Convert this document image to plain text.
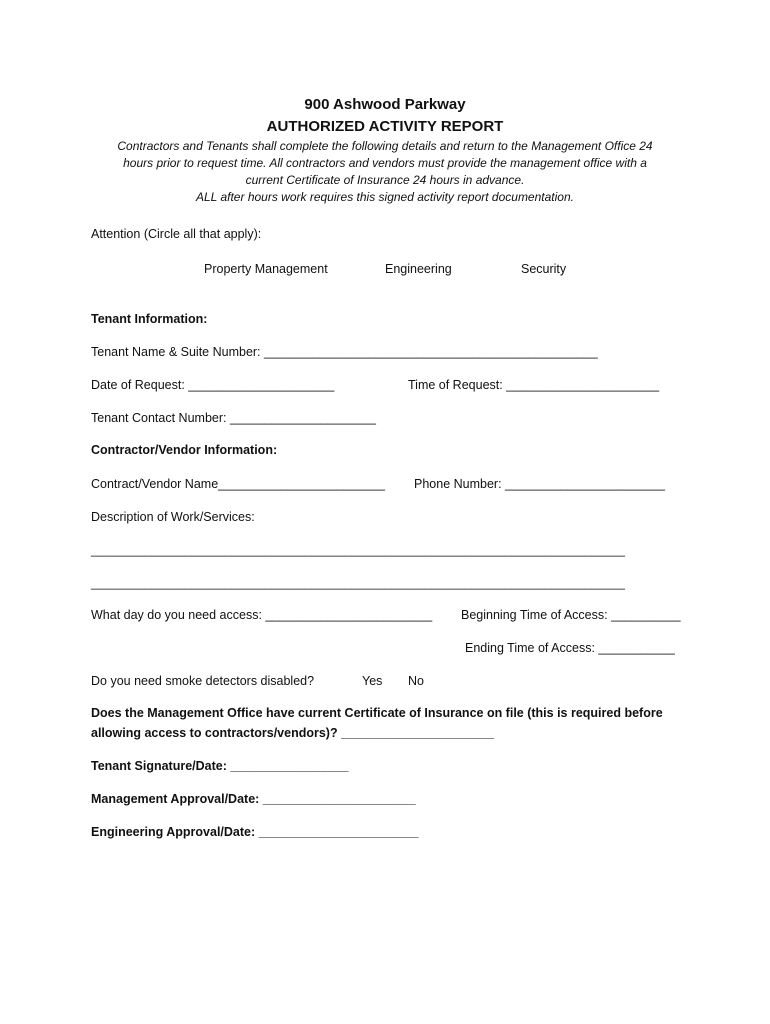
900 Ashwood Parkway
AUTHORIZED ACTIVITY REPORT
Contractors and Tenants shall complete the following details and return to the Management Office 24
hours prior to request time. All contractors and vendors must provide the management office with a
current Certificate of Insurance 24 hours in advance.
ALL after hours work requires this signed activity report documentation.
Attention (Circle all that apply):
Property Management	Engineering	Security
Tenant Information:
Tenant Name & Suite Number: ________________________________________________
Date of Request: _____________________	Time of Request: ______________________
Tenant Contact Number: _____________________
Contractor/Vendor Information:
Contract/Vendor Name________________________ Phone Number: _______________________
Description of Work/Services:
________________________________________________________________________________
________________________________________________________________________________
What day do you need access: ________________________ Beginning Time of Access: __________
Ending Time of Access: ___________
Do you need smoke detectors disabled?	Yes No
Does the Management Office have current Certificate of Insurance on file (this is required before
allowing access to contractors/vendors)? ______________________
Tenant Signature/Date: _________________
Management Approval/Date: ______________________
Engineering Approval/Date: _______________________
